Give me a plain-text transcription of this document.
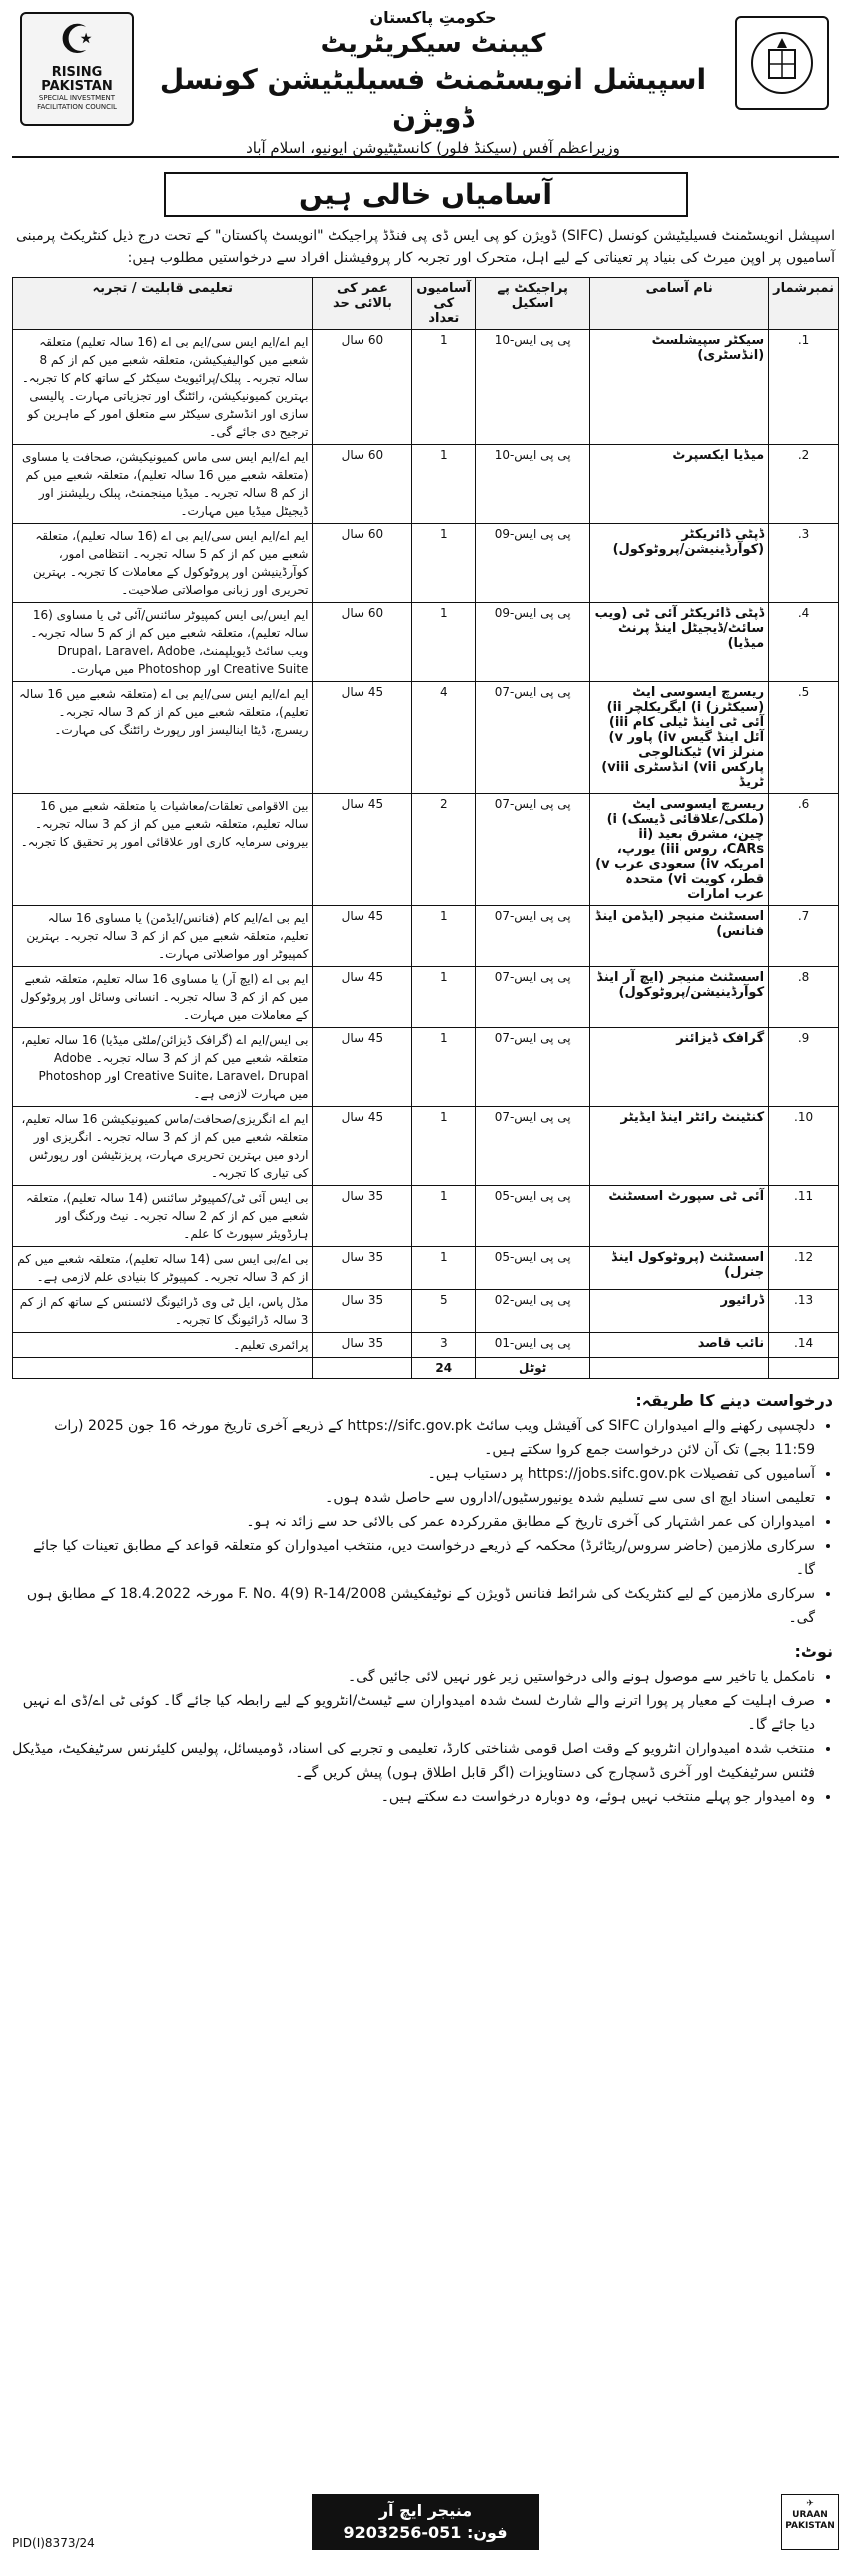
حکومتِ پاکستان

کیبنٹ سیکریٹریٹ

اسپیشل انویسٹمنٹ فسیلیٹیشن کونسل ڈویژن

وزیراعظم آفس (سیکنڈ فلور) کانسٹیٹیوشن ایونیو، اسلام آباد

☪
RISING PAKISTAN
SPECIAL INVESTMENT FACILITATION COUNCIL
آسامیاں خالی ہیں

اسپیشل انویسٹمنٹ فسیلیٹیشن کونسل (SIFC) ڈویژن کو پی ایس ڈی پی فنڈڈ پراجیکٹ "انویسٹ پاکستان" کے تحت درج ذیل کنٹریکٹ پرمبنی آسامیوں پر اوپن میرٹ کی بنیاد پر تعیناتی کے لیے اہل، متحرک اور تجربہ کار پروفیشنل افراد سے درخواستیں مطلوب ہیں:

نمبرشمار	نام آسامی	پراجیکٹ پے اسکیل	آسامیوں کی تعداد	عمر کی بالائی حد	تعلیمی قابلیت / تجربہ
1.	سیکٹر سپیشلسٹ (انڈسٹری)	پی پی ایس-10	1	60 سال	ایم اے/ایم ایس سی/ایم بی اے (16 سالہ تعلیم) متعلقہ شعبے میں کوالیفیکیشن، متعلقہ شعبے میں کم از کم 8 سالہ تجربہ۔ پبلک/پرائیویٹ سیکٹر کے ساتھ کام کا تجربہ۔ بہترین کمیونیکیشن، رائٹنگ اور تجزیاتی مہارت۔ پالیسی سازی اور انڈسٹری سیکٹر سے متعلق امور کے ماہرین کو ترجیح دی جائے گی۔
2.	میڈیا ایکسپرٹ	پی پی ایس-10	1	60 سال	ایم اے/ایم ایس سی ماس کمیونیکیشن، صحافت یا مساوی (متعلقہ شعبے میں 16 سالہ تعلیم)، متعلقہ شعبے میں کم از کم 8 سالہ تجربہ۔ میڈیا مینجمنٹ، پبلک ریلیشنز اور ڈیجیٹل میڈیا میں مہارت۔
3.	ڈپٹی ڈائریکٹر (کوآرڈینیشن/پروٹوکول)	پی پی ایس-09	1	60 سال	ایم اے/ایم ایس سی/ایم بی اے (16 سالہ تعلیم)، متعلقہ شعبے میں کم از کم 5 سالہ تجربہ۔ انتظامی امور، کوآرڈینیشن اور پروٹوکول کے معاملات کا تجربہ۔ بہترین تحریری اور زبانی مواصلاتی صلاحیت۔
4.	ڈپٹی ڈائریکٹر آئی ٹی (ویب سائٹ/ڈیجیٹل اینڈ پرنٹ میڈیا)	پی پی ایس-09	1	60 سال	ایم ایس/بی ایس کمپیوٹر سائنس/آئی ٹی یا مساوی (16 سالہ تعلیم)، متعلقہ شعبے میں کم از کم 5 سالہ تجربہ۔ ویب سائٹ ڈیویلپمنٹ، Drupal، Laravel، Adobe Creative Suite اور Photoshop میں مہارت۔
5.	ریسرچ ایسوسی ایٹ (سیکٹرز) i) ایگریکلچر ii) آئی ٹی اینڈ ٹیلی کام iii) آئل اینڈ گیس iv) پاور v) منرلز vi) ٹیکنالوجی پارکس vii) انڈسٹری viii) ٹریڈ	پی پی ایس-07	4	45 سال	ایم اے/ایم ایس سی/ایم بی اے (متعلقہ شعبے میں 16 سالہ تعلیم)، متعلقہ شعبے میں کم از کم 3 سالہ تجربہ۔ ریسرچ، ڈیٹا اینالیسز اور رپورٹ رائٹنگ کی مہارت۔
6.	ریسرچ ایسوسی ایٹ (ملکی/علاقائی ڈیسک) i) چین، مشرق بعید ii) CARs، روس iii) یورپ، امریکہ iv) سعودی عرب v) قطر، کویت vi) متحدہ عرب امارات	پی پی ایس-07	2	45 سال	بین الاقوامی تعلقات/معاشیات یا متعلقہ شعبے میں 16 سالہ تعلیم، متعلقہ شعبے میں کم از کم 3 سالہ تجربہ۔ بیرونی سرمایہ کاری اور علاقائی امور پر تحقیق کا تجربہ۔
7.	اسسٹنٹ منیجر (ایڈمن اینڈ فنانس)	پی پی ایس-07	1	45 سال	ایم بی اے/ایم کام (فنانس/ایڈمن) یا مساوی 16 سالہ تعلیم، متعلقہ شعبے میں کم از کم 3 سالہ تجربہ۔ بہترین کمپیوٹر اور مواصلاتی مہارت۔
8.	اسسٹنٹ منیجر (ایچ آر اینڈ کوآرڈینیشن/پروٹوکول)	پی پی ایس-07	1	45 سال	ایم بی اے (ایچ آر) یا مساوی 16 سالہ تعلیم، متعلقہ شعبے میں کم از کم 3 سالہ تجربہ۔ انسانی وسائل اور پروٹوکول کے معاملات میں مہارت۔
9.	گرافک ڈیزائنر	پی پی ایس-07	1	45 سال	بی ایس/ایم اے (گرافک ڈیزائن/ملٹی میڈیا) 16 سالہ تعلیم، متعلقہ شعبے میں کم از کم 3 سالہ تجربہ۔ Adobe Creative Suite، Laravel، Drupal اور Photoshop میں مہارت لازمی ہے۔
10.	کنٹینٹ رائٹر اینڈ ایڈیٹر	پی پی ایس-07	1	45 سال	ایم اے انگریزی/صحافت/ماس کمیونیکیشن 16 سالہ تعلیم، متعلقہ شعبے میں کم از کم 3 سالہ تجربہ۔ انگریزی اور اردو میں بہترین تحریری مہارت، پریزنٹیشن اور رپورٹس کی تیاری کا تجربہ۔
11.	آئی ٹی سپورٹ اسسٹنٹ	پی پی ایس-05	1	35 سال	بی ایس آئی ٹی/کمپیوٹر سائنس (14 سالہ تعلیم)، متعلقہ شعبے میں کم از کم 2 سالہ تجربہ۔ نیٹ ورکنگ اور ہارڈویئر سپورٹ کا علم۔
12.	اسسٹنٹ (پروٹوکول اینڈ جنرل)	پی پی ایس-05	1	35 سال	بی اے/بی ایس سی (14 سالہ تعلیم)، متعلقہ شعبے میں کم از کم 3 سالہ تجربہ۔ کمپیوٹر کا بنیادی علم لازمی ہے۔
13.	ڈرائیور	پی پی ایس-02	5	35 سال	مڈل پاس، ایل ٹی وی ڈرائیونگ لائسنس کے ساتھ کم از کم 3 سالہ ڈرائیونگ کا تجربہ۔
14.	نائب قاصد	پی پی ایس-01	3	35 سال	پرائمری تعلیم۔
		ٹوٹل	24		
درخواست دینے کا طریقہ:
• دلچسپی رکھنے والے امیدواران SIFC کی آفیشل ویب سائٹ https://sifc.gov.pk کے ذریعے آخری تاریخ مورخہ 16 جون 2025 (رات 11:59 بجے) تک آن لائن درخواست جمع کروا سکتے ہیں۔
• آسامیوں کی تفصیلات https://jobs.sifc.gov.pk پر دستیاب ہیں۔
• تعلیمی اسناد ایچ ای سی سے تسلیم شدہ یونیورسٹیوں/اداروں سے حاصل شدہ ہوں۔
• امیدواران کی عمر اشتہار کی آخری تاریخ کے مطابق مقررکردہ عمر کی بالائی حد سے زائد نہ ہو۔
• سرکاری ملازمین (حاضر سروس/ریٹائرڈ) محکمہ کے ذریعے درخواست دیں، منتخب امیدواران کو متعلقہ قواعد کے مطابق تعینات کیا جائے گا۔
• سرکاری ملازمین کے لیے کنٹریکٹ کی شرائط فنانس ڈویژن کے نوٹیفکیشن F. No. 4(9) R-14/2008 مورخہ 18.4.2022 کے مطابق ہوں گی۔
نوٹ:
• نامکمل یا تاخیر سے موصول ہونے والی درخواستیں زیر غور نہیں لائی جائیں گی۔
• صرف اہلیت کے معیار پر پورا اترنے والے شارٹ لسٹ شدہ امیدواران سے ٹیسٹ/انٹرویو کے لیے رابطہ کیا جائے گا۔ کوئی ٹی اے/ڈی اے نہیں دیا جائے گا۔
• منتخب شدہ امیدواران انٹرویو کے وقت اصل قومی شناختی کارڈ، تعلیمی و تجربے کی اسناد، ڈومیسائل، پولیس کلیئرنس سرٹیفکیٹ، میڈیکل فٹنس سرٹیفکیٹ اور آخری ڈسچارج کی دستاویزات (اگر قابل اطلاق ہوں) پیش کریں گے۔
• وہ امیدوار جو پہلے منتخب نہیں ہوئے، وہ دوبارہ درخواست دے سکتے ہیں۔
✈
URAAN PAKISTAN
منیجر ایچ آر
فون: 051-9203256
PID(I)8373/24
